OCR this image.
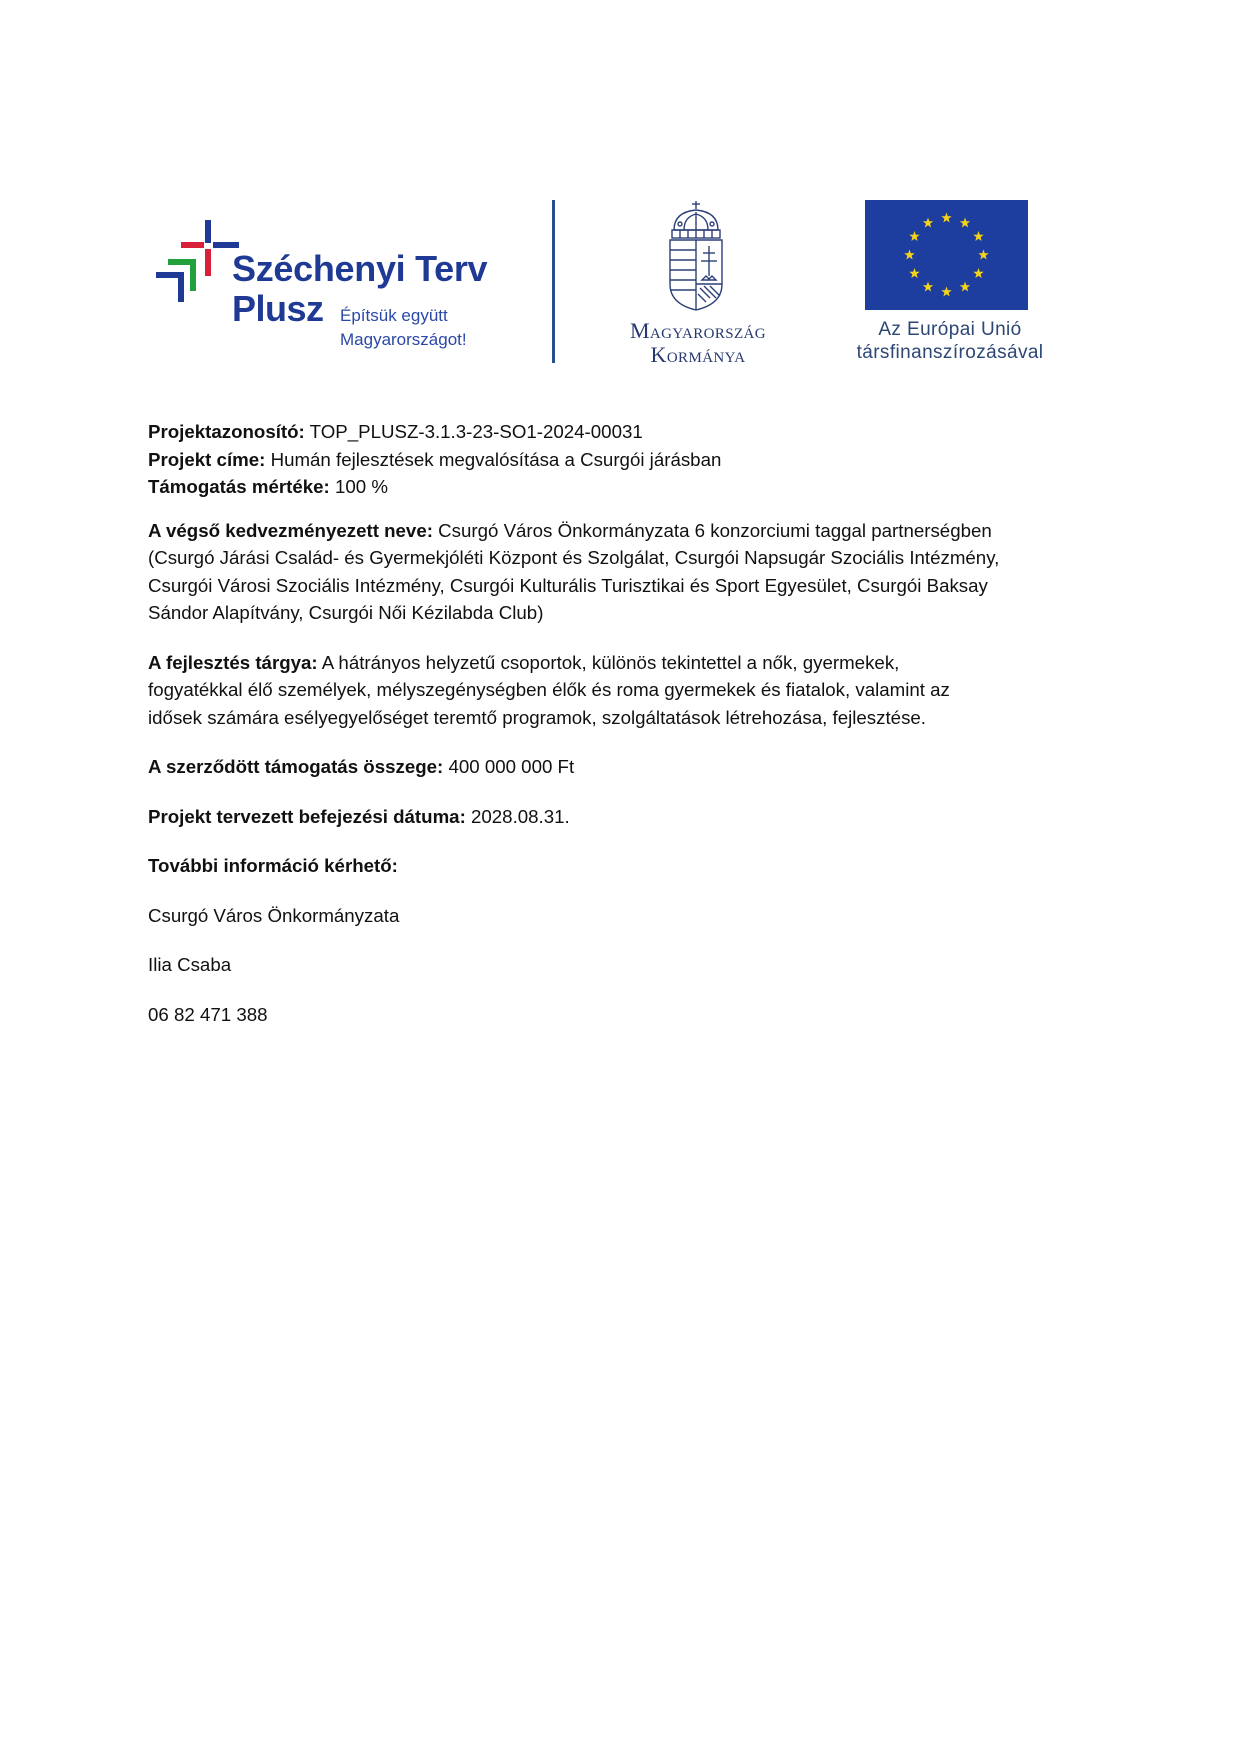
Széchenyi Terv
Plusz Építsük együtt
Magyarországot!	Magyarország
Kormánya
Az Európai Unió
társfinanszírozásával
Projektazonosító: TOP_PLUSZ-3.1.3-23-SO1-2024-00031
Projekt címe: Humán fejlesztések megvalósítása a Csurgói járásban
Támogatás mértéke: 100 %
A végső kedvezményezett neve: Csurgó Város Önkormányzata 6 konzorciumi taggal partnerségben
(Csurgó Járási Család- és Gyermekjóléti Központ és Szolgálat, Csurgói Napsugár Szociális Intézmény,
Csurgói Városi Szociális Intézmény, Csurgói Kulturális Turisztikai és Sport Egyesület, Csurgói Baksay
Sándor Alapítvány, Csurgói Női Kézilabda Club)
A fejlesztés tárgya: A hátrányos helyzetű csoportok, különös tekintettel a nők, gyermekek,
fogyatékkal élő személyek, mélyszegénységben élők és roma gyermekek és fiatalok, valamint az
idősek számára esélyegyelőséget teremtő programok, szolgáltatások létrehozása, fejlesztése.
A szerződött támogatás összege: 400 000 000 Ft
Projekt tervezett befejezési dátuma: 2028.08.31.
További információ kérhető:
Csurgó Város Önkormányzata
Ilia Csaba
06 82 471 388
